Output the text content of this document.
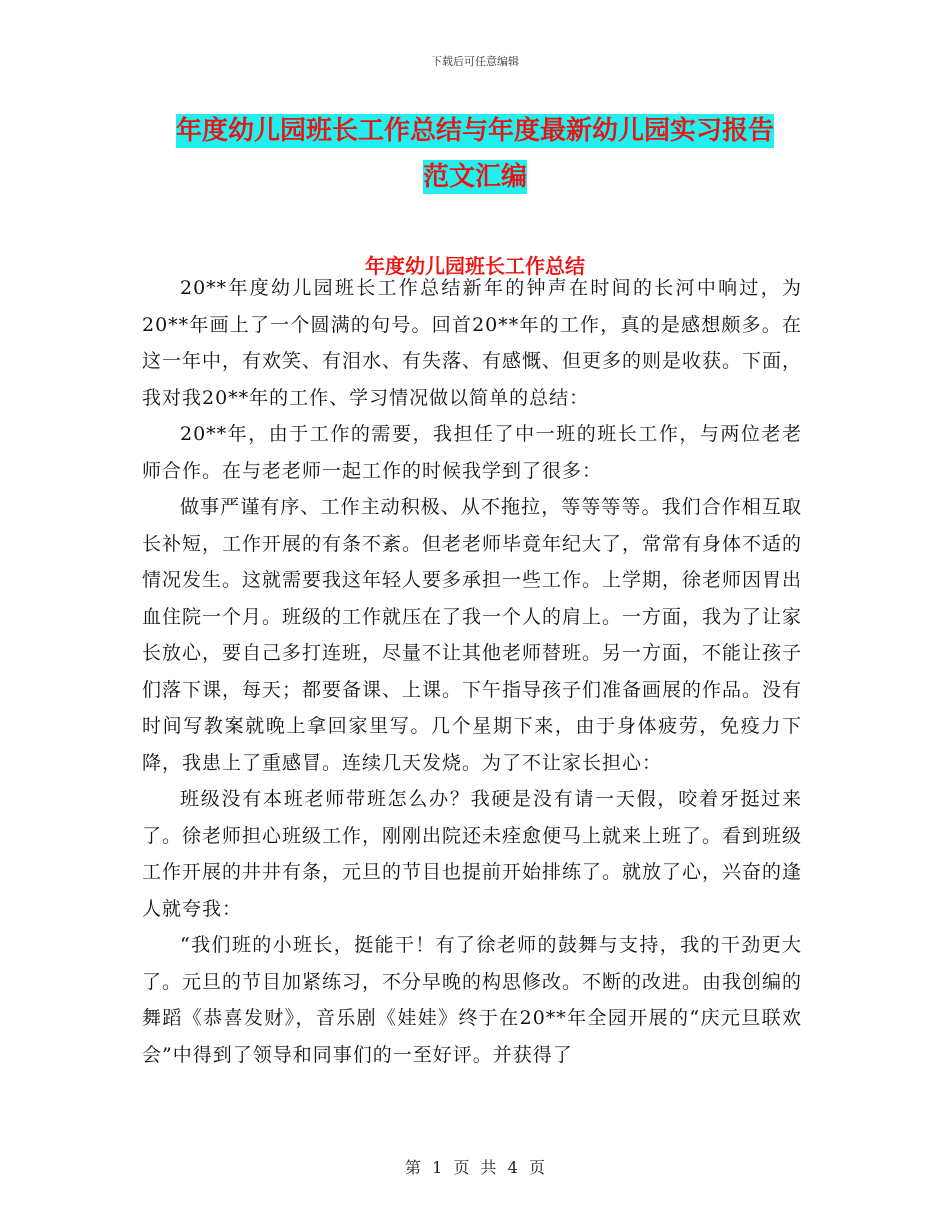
下载后可任意编辑
年度幼儿园班长工作总结与年度最新幼儿园实习报告
范文汇编
年度幼儿园班长工作总结

20**年度幼儿园班长工作总结新年的钟声在时间的长河中响过，为20**年画上了一个圆满的句号。回首20**年的工作，真的是感想颇多。在这一年中，有欢笑、有泪水、有失落、有感慨、但更多的则是收获。下面，我对我20**年的工作、学习情况做以简单的总结：

20**年，由于工作的需要，我担任了中一班的班长工作，与两位老老师合作。在与老老师一起工作的时候我学到了很多：

做事严谨有序、工作主动积极、从不拖拉，等等等等。我们合作相互取长补短，工作开展的有条不紊。但老老师毕竟年纪大了，常常有身体不适的情况发生。这就需要我这年轻人要多承担一些工作。上学期，徐老师因胃出血住院一个月。班级的工作就压在了我一个人的肩上。一方面，我为了让家长放心，要自己多打连班，尽量不让其他老师替班。另一方面，不能让孩子们落下课，每天；都要备课、上课。下午指导孩子们准备画展的作品。没有时间写教案就晚上拿回家里写。几个星期下来，由于身体疲劳，免疫力下降，我患上了重感冒。连续几天发烧。为了不让家长担心：

班级没有本班老师带班怎么办？我硬是没有请一天假，咬着牙挺过来了。徐老师担心班级工作，刚刚出院还未痊愈便马上就来上班了。看到班级工作开展的井井有条，元旦的节目也提前开始排练了。就放了心，兴奋的逢人就夸我：

“我们班的小班长，挺能干！有了徐老师的鼓舞与支持，我的干劲更大了。元旦的节目加紧练习，不分早晚的构思修改。不断的改进。由我创编的舞蹈《恭喜发财》，音乐剧《娃娃》终于在20**年全园开展的“庆元旦联欢会”中得到了领导和同事们的一至好评。并获得了

第 1 页 共 4 页
